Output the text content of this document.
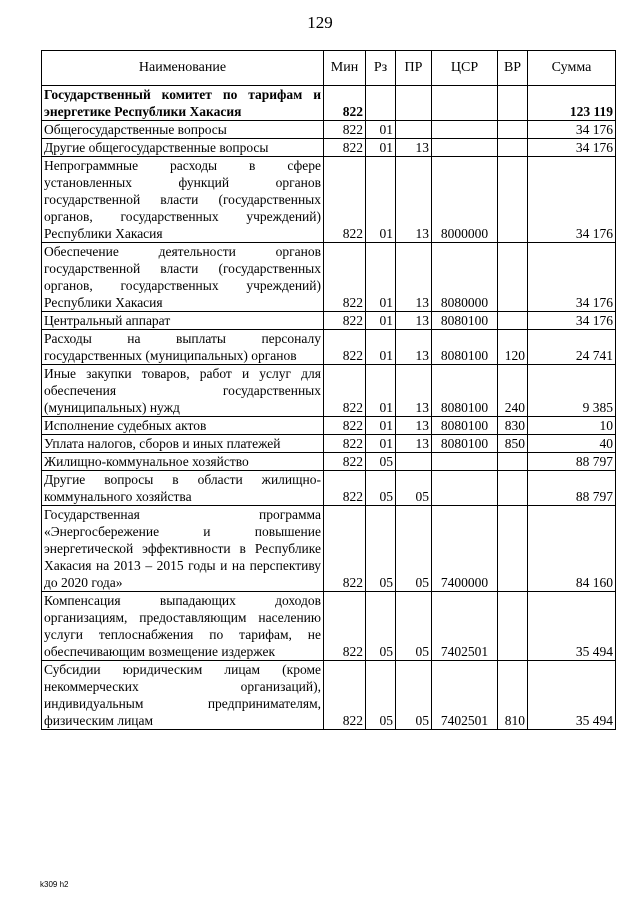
129
Наименование	Мин	Рз	ПР	ЦСР	ВР	Сумма
Государственный комитет по тарифам и энергетике Республики Хакасия	822					123 119
Общегосударственные вопросы	822	01				34 176
Другие общегосударственные вопросы	822	01	13			34 176
Непрограммные расходы в сфере установленных функций органов государственной власти (государственных органов, государственных учреждений) Республики Хакасия	822	01	13	8000000		34 176
Обеспечение деятельности органов государственной власти (государственных органов, государственных учреждений) Республики Хакасия	822	01	13	8080000		34 176
Центральный аппарат	822	01	13	8080100		34 176
Расходы на выплаты персоналу государственных (муниципальных) органов	822	01	13	8080100	120	24 741
Иные закупки товаров, работ и услуг для обеспечения государственных (муниципальных) нужд	822	01	13	8080100	240	9 385
Исполнение судебных актов	822	01	13	8080100	830	10
Уплата налогов, сборов и иных платежей	822	01	13	8080100	850	40
Жилищно-коммунальное хозяйство	822	05				88 797
Другие вопросы в области жилищно-коммунального хозяйства	822	05	05			88 797
Государственная программа «Энергосбережение и повышение энергетической эффективности в Республике Хакасия на 2013 – 2015 годы и на перспективу до 2020 года»	822	05	05	7400000		84 160
Компенсация выпадающих доходов организациям, предоставляющим населению услуги теплоснабжения по тарифам, не обеспечивающим возмещение издержек	822	05	05	7402501		35 494
Субсидии юридическим лицам (кроме некоммерческих организаций), индивидуальным предпринимателям, физическим лицам	822	05	05	7402501	810	35 494
k309 h2
